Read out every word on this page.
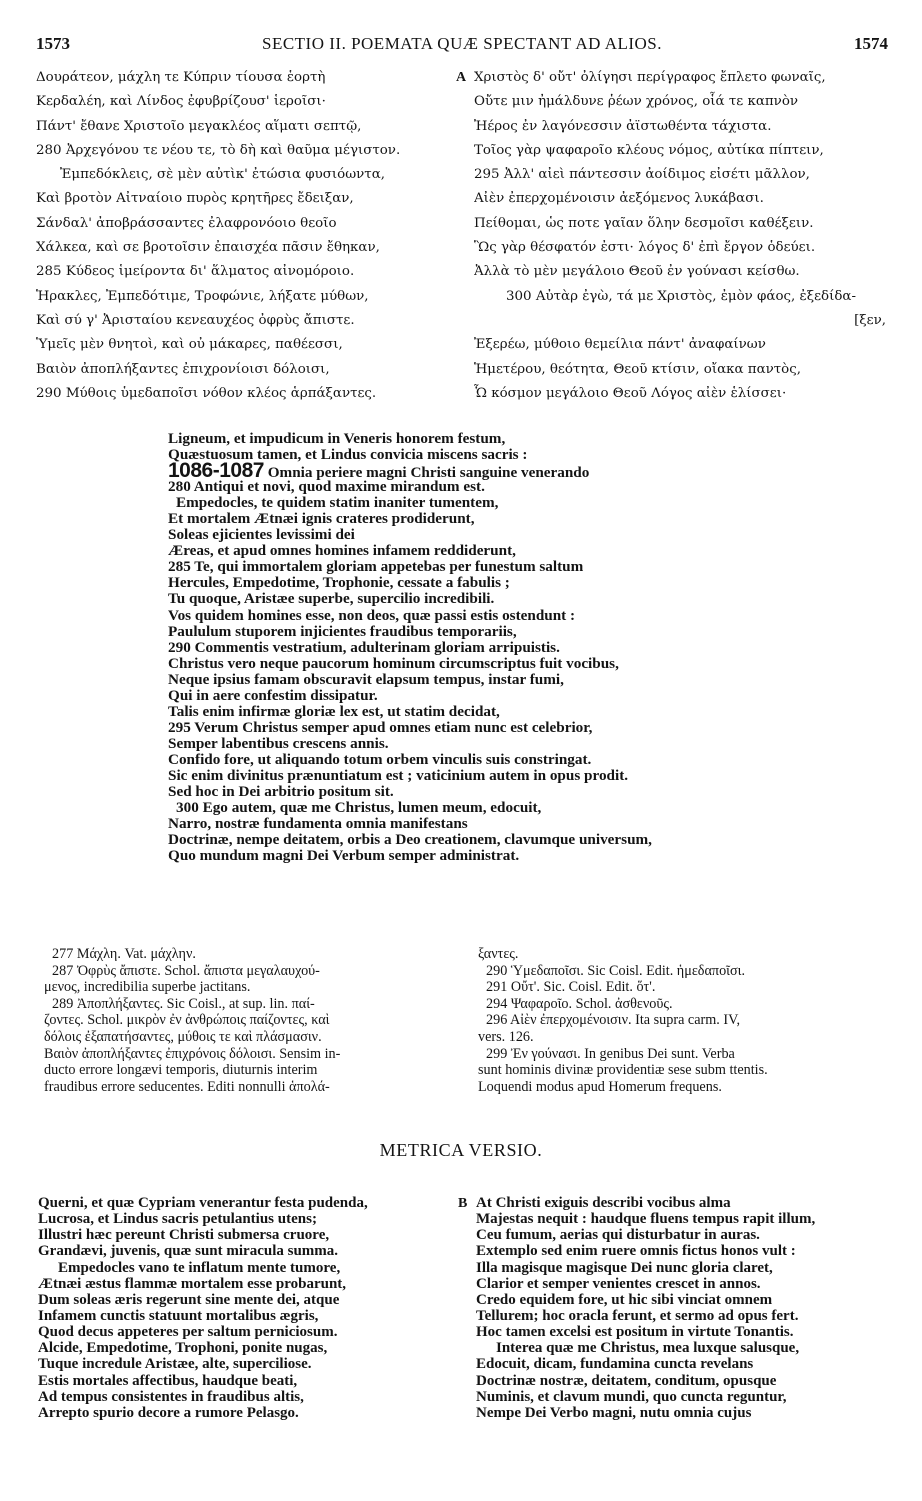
1573	SECTIO II. POEMATA QUÆ SPECTANT AD ALIOS.	1574
Δουράτεον, μάχλη τε Κύπριν τίουσα ἑορτὴ
Κερδαλέη, καὶ Λίνδος ἐφυβρίζουσ' ἱεροῖσι·
Πάντ' ἔθανε Χριστοῖο μεγακλέος αἵματι σεπτῷ,
280 Ἀρχεγόνου τε νέου τε, τὸ δὴ καὶ θαῦμα μέγιστον.
Ἐμπεδόκλεις, σὲ μὲν αὐτὶκ' ἐτώσια φυσιόωντα,
Καὶ βροτὸν Αἰτναίοιο πυρὸς κρητῆρες ἔδειξαν,
Σάνδαλ' ἀποβράσσαντες ἐλαφρονόοιο θεοῖο
Χάλκεα, καὶ σε βροτοῖσιν ἐπαισχέα πᾶσιν ἔθηκαν,
285 Κύδεος ἱμείροντα δι' ἅλματος αἰνομόροιο.
Ἡρακλες, Ἐμπεδότιμε, Τροφώνιε, λήξατε μύθων,
Καὶ σύ γ' Ἀρισταίου κενεαυχέος ὀφρὺς ἄπιστε.
Ὑμεῖς μὲν θνητοὶ, καὶ οὐ μάκαρες, παθέεσσι,
Βαιὸν ἀποπλήξαντες ἐπιχρονίοισι δόλοισι,
290 Μύθοις ὑμεδαποῖσι νόθον κλέος ἁρπάξαντες.
A Χριστὸς δ' οὔτ' ὀλίγησι περίγραφος ἔπλετο φωναῖς,
Οὔτε μιν ἠμάλδυνε ῥέων χρόνος, οἷά τε καπνὸν
Ἠέρος ἐν λαγόνεσσιν ἀϊστωθέντα τάχιστα.
Τοῖος γὰρ ψαφαροῖο κλέους νόμος, αὐτίκα πίπτειν,
295 Ἀλλ' αἰεὶ πάντεσσιν ἀοίδιμος εἰσέτι μᾶλλον,
Αἰὲν ἐπερχομένοισιν ἀεξόμενος λυκάβασι.
Πείθομαι, ὡς ποτε γαῖαν ὅλην δεσμοῖσι καθέξειν.
Ὣς γὰρ θέσφατόν ἐστι· λόγος δ' ἐπὶ ἔργον ὁδεύει.
Ἀλλὰ τὸ μὲν μεγάλοιο Θεοῦ ἐν γούνασι κείσθω.
300 Αὐτὰρ ἐγὼ, τά με Χριστὸς, ἐμὸν φάος, ἐξεδίδα-
[ξεν,
Ἐξερέω, μύθοιο θεμείλια πάντ' ἀναφαίνων
Ἡμετέρου, θεότητα, Θεοῦ κτίσιν, οἴακα παντὸς,
Ὧ κόσμον μεγάλοιο Θεοῦ Λόγος αἰὲν ἑλίσσει·
Ligneum, et impudicum in Veneris honorem festum,
Quæstuosum tamen, et Lindus convicia miscens sacris :
1086-1087 Omnia periere magni Christi sanguine venerando
280 Antiqui et novi, quod maxime mirandum est.
Empedocles, te quidem statim inaniter tumentem,
Et mortalem Ætnæi ignis crateres prodiderunt,
Soleas ejicientes levissimi dei
Æreas, et apud omnes homines infamem reddiderunt,
285 Te, qui immortalem gloriam appetebas per funestum saltum
Hercules, Empedotime, Trophonie, cessate a fabulis ;
Tu quoque, Aristæe superbe, supercilio incredibili.
Vos quidem homines esse, non deos, quæ passi estis ostendunt :
Paululum stuporem injicientes fraudibus temporariis,
290 Commentis vestratium, adulterinam gloriam arripuistis.
Christus vero neque paucorum hominum circumscriptus fuit vocibus,
Neque ipsius famam obscuravit elapsum tempus, instar fumi,
Qui in aere confestim dissipatur.
Talis enim infirmæ gloriæ lex est, ut statim decidat,
295 Verum Christus semper apud omnes etiam nunc est celebrior,
Semper labentibus crescens annis.
Confido fore, ut aliquando totum orbem vinculis suis constringat.
Sic enim divinitus prænuntiatum est ; vaticinium autem in opus prodit.
Sed hoc in Dei arbitrio positum sit.
300 Ego autem, quæ me Christus, lumen meum, edocuit,
Narro, nostræ fundamenta omnia manifestans
Doctrinæ, nempe deitatem, orbis a Deo creationem, clavumque universum,
Quo mundum magni Dei Verbum semper administrat.
277 Μάχλη. Vat. μάχλην.
287 Ὀφρὺς ἄπιστε. Schol. ἄπιστα μεγαλαυχού-
μενος, incredibilia superbe jactitans.
289 Ἀποπλήξαντες. Sic Coisl., at sup. lin. παί-
ζοντες. Schol. μικρὸν ἐν ἀνθρώποις παίζοντες, καὶ
δόλοις ἐξαπατήσαντες, μύθοις τε καὶ πλάσμασιν.
Βαιὸν ἀποπλήξαντες ἐπιχρόνοις δόλοισι. Sensim in-
ducto errore longævi temporis, diuturnis interim
fraudibus errore seducentes. Editi nonnulli ἁπολά-
ξαντες.
290 Ὑμεδαποῖσι. Sic Coisl. Edit. ἡμεδαποῖσι.
291 Οὔτ'. Sic. Coisl. Edit. ὅτ'.
294 Ψαφαροῖο. Schol. ἀσθενοῦς.
296 Αἰὲν ἐπερχομένοισιν. Ita supra carm. IV,
vers. 126.
299 Ἐν γούνασι. In genibus Dei sunt. Verba
sunt hominis divinæ providentiæ sese subm ttentis.
Loquendi modus apud Homerum frequens.
METRICA VERSIO.
Querni, et quæ Cypriam venerantur festa pudenda,
Lucrosa, et Lindus sacris petulantius utens;
Illustri hæc pereunt Christi submersa cruore,
Grandævi, juvenis, quæ sunt miracula summa.
Empedocles vano te inflatum mente tumore,
Ætnæi æstus flammæ mortalem esse probarunt,
Dum soleas æris regerunt sine mente dei, atque
Infamem cunctis statuunt mortalibus ægris,
Quod decus appeteres per saltum perniciosum.
Alcide, Empedotime, Trophoni, ponite nugas,
Tuque incredule Aristæe, alte, superciliose.
Estis mortales affectibus, haudque beati,
Ad tempus consistentes in fraudibus altis,
Arrepto spurio decore a rumore Pelasgo.
B At Christi exiguis describi vocibus alma
Majestas nequit : haudque fluens tempus rapit illum,
Ceu fumum, aerias qui disturbatur in auras.
Extemplo sed enim ruere omnis fictus honos vult :
Illa magisque magisque Dei nunc gloria claret,
Clarior et semper venientes crescet in annos.
Credo equidem fore, ut hic sibi vinciat omnem
Tellurem; hoc oracla ferunt, et sermo ad opus fert.
Hoc tamen excelsi est positum in virtute Tonantis.
Interea quæ me Christus, mea luxque salusque,
Edocuit, dicam, fundamina cuncta revelans
Doctrinæ nostræ, deitatem, conditum, opusque
Numinis, et clavum mundi, quo cuncta reguntur,
Nempe Dei Verbo magni, nutu omnia cujus
